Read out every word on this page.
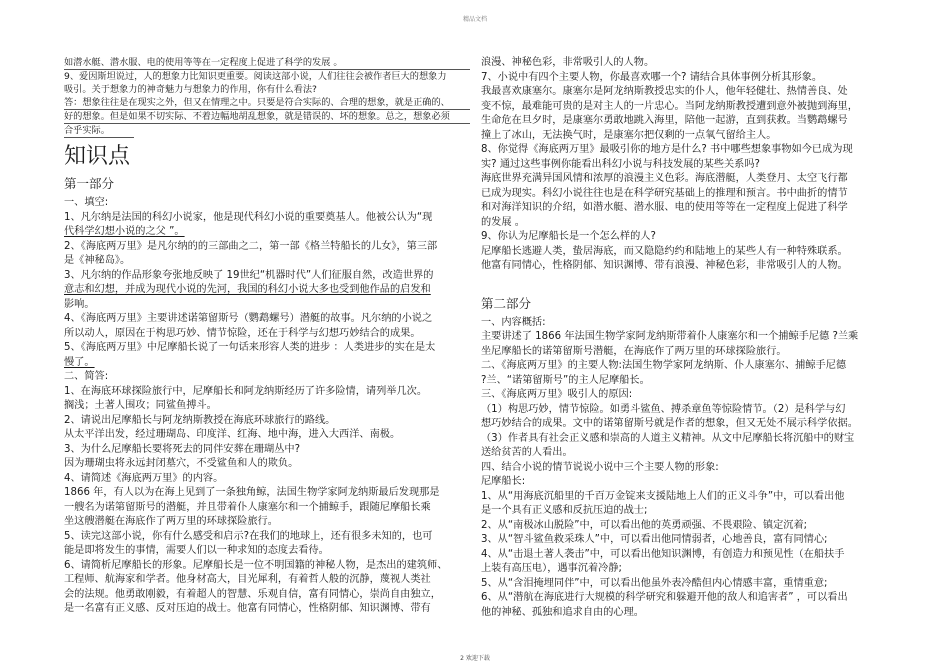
精品文档
如潜水艇、潜水服、电的使用等等在一定程度上促进了科学的发展 。
9、爱因斯坦说过，人的想象力比知识更重要。阅读这部小说，人们往往会被作者巨大的想象力
吸引。关于想象力的神奇魅力与想象力的作用，你有什么看法?
答：想象往往是在现实之外，但又在情理之中。只要是符合实际的、合理的想象，就是正确的、
好的想象。但是如果不切实际、不着边幅地胡乱想象，就是错误的、坏的想象。总之，想象必须
合乎实际。
知识点
第一部分
一、填空:
1、凡尔纳是法国的科幻小说家，他是现代科幻小说的重要奠基人。他被公认为“现
代科学幻想小说的之父 ”。
2、《海底两万里》是凡尔纳的的三部曲之二，第一部《格兰特船长的儿女》，第三部
是《神秘岛》。
3、凡尔纳的作品形象夸张地反映了 19世纪“机器时代”人们征服自然，改造世界的
意志和幻想，并成为现代小说的先河，我国的科幻小说大多也受到他作品的启发和
影响。
4、《海底两万里》主要讲述诺第留斯号（鹦鹉螺号）潜艇的故事。凡尔纳的小说之
所以动人，原因在于构思巧妙、情节惊险，还在于科学与幻想巧妙结合的成果。
5、《海底两万里》中尼摩船长说了一句话来形容人类的进步 ：人类进步的实在是太
慢了。
二、简答:
1、在海底环球探险旅行中，尼摩船长和阿龙纳斯经历了许多险情，请列举几次。
搁浅；土著人围攻；同鲨鱼搏斗。
2、请说出尼摩船长与阿龙纳斯教授在海底环球旅行的路线。
从太平洋出发，经过珊瑚岛、印度洋、红海、地中海，进入大西洋、南极。
3、为什么尼摩船长要将死去的同伴安葬在珊瑚丛中?
因为珊瑚虫将永远封闭墓穴，不受鲨鱼和人的欺负。
4、请简述《海底两万里》的内容。
1866 年，有人以为在海上见到了一条独角鲸，法国生物学家阿龙纳斯最后发现那是
一艘名为诺第留斯号的潜艇，并且带着仆人康塞尔和一个捕鲸手，跟随尼摩船长乘
坐这艘潜艇在海底作了两万里的环球探险旅行。
5、读完这部小说，你有什么感受和启示?在我们的地球上，还有很多未知的，也可
能是即将发生的事情，需要人们以一种求知的态度去看待。
6、请简析尼摩船长的形象。尼摩船长是一位不明国籍的神秘人物，是杰出的建筑师、
工程师、航海家和学者。他身材高大，目光犀利，有着哲人般的沉静，蔑视人类社
会的法规。他勇敢刚毅，有着超人的智慧、乐观自信，富有同情心，崇尚自由独立，
是一名富有正义感、反对压迫的战士。他富有同情心，性格阴郁、知识渊博、带有
浪漫、神秘色彩，非常吸引人的人物。
7、小说中有四个主要人物，你最喜欢哪一个? 请结合具体事例分析其形象。
我最喜欢康塞尔。康塞尔是阿龙纳斯教授忠实的仆人，他年轻健壮、热情善良、处
变不惊，最难能可贵的是对主人的一片忠心。当阿龙纳斯教授遭到意外被抛到海里，
生命危在旦夕时，是康塞尔勇敢地跳入海里，陪他一起游，直到获救。当鹦鹉螺号
撞上了冰山，无法换气时，是康塞尔把仅剩的一点氧气留给主人。
8、你觉得《海底两万里》最吸引你的地方是什么? 书中哪些想象事物如今已成为现
实? 通过这些事例你能看出科幻小说与科技发展的某些关系吗?
海底世界充满异国风情和浓厚的浪漫主义色彩。海底潜艇，人类登月、太空飞行都
已成为现实。科幻小说往往也是在科学研究基础上的推理和预言。书中曲折的情节
和对海洋知识的介绍，如潜水艇、潜水服、电的使用等等在一定程度上促进了科学
的发展 。
9、你认为尼摩船长是一个怎么样的人?
尼摩船长逃避人类，蛰居海底，而又隐隐约约和陆地上的某些人有一种特殊联系。
他富有同情心，性格阴郁、知识渊博、带有浪漫、神秘色彩，非常吸引人的人物。
第二部分
一、内容概括:
主要讲述了 1866 年法国生物学家阿龙纳斯带着仆人康塞尔和一个捕鲸手尼德 ?兰乘
坐尼摩船长的诺第留斯号潜艇，在海底作了两万里的环球探险旅行。
二、《海底两万里》的主要人物:法国生物学家阿龙纳斯、仆人康塞尔、捕鲸手尼德
?兰、“诺第留斯号”的主人尼摩船长。
三、《海底两万里》吸引人的原因:
（1）构思巧妙，情节惊险。如勇斗鲨鱼、搏杀章鱼等惊险情节。（2）是科学与幻
想巧妙结合的成果。文中的诺第留斯号就是作者的想象，但又无处不展示科学依据。
（3）作者具有社会正义感和崇高的人道主义精神。从文中尼摩船长将沉船中的财宝
送给贫苦的人看出。
四、结合小说的情节说说小说中三个主要人物的形象:
尼摩船长:
1、从“用海底沉船里的千百万金锭来支援陆地上人们的正义斗争”中，可以看出他
是一个具有正义感和反抗压迫的战士;
2、从“南极冰山脱险”中，可以看出他的英勇顽强、不畏艰险、镇定沉着;
3、从“智斗鲨鱼救采珠人”中，可以看出他同情弱者，心地善良，富有同情心;
4、从“击退土著人袭击”中，可以看出他知识渊博，有创造力和预见性（在船扶手
上装有高压电），遇事沉着冷静;
5、从“含泪掩埋同伴”中，可以看出他虽外表冷酷但内心情感丰富，重情重意;
6、从“潜航在海底进行大规模的科学研究和躲避开他的敌人和追害者” ，可以看出
他的神秘、孤独和追求自由的心理。
2 欢迎下载
